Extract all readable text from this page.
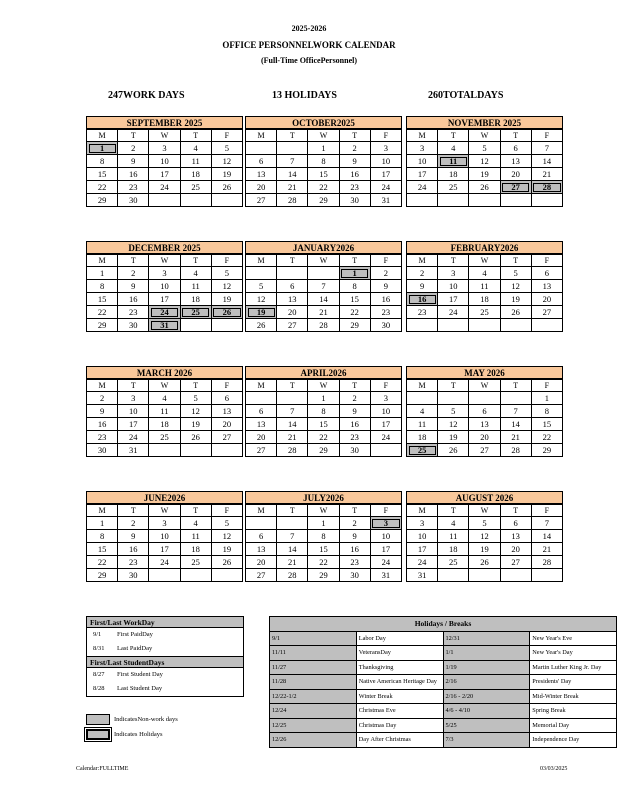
2025-2026
OFFICE PERSONNELWORK CALENDAR
(Full-Time OfficePersonnel)
247WORK DAYS	13 HOLIDAYS	260TOTALDAYS
SEPTEMBER 2025
M	T	W	T	F
1	2	3	4	5
8	9	10	11	12
15	16	17	18	19
22	23	24	25	26
29	30			
OCTOBER2025
M	T	W	T	F
		1	2	3
6	7	8	9	10
13	14	15	16	17
20	21	22	23	24
27	28	29	30	31
NOVEMBER 2025
M	T	W	T	F
3	4	5	6	7
10	11	12	13	14
17	18	19	20	21
24	25	26	27	28

DECEMBER 2025
M	T	W	T	F
1	2	3	4	5
8	9	10	11	12
15	16	17	18	19
22	23	24	25	26
29	30	31		
JANUARY2026
M	T	W	T	F
			1	2
5	6	7	8	9
12	13	14	15	16
19	20	21	22	23
26	27	28	29	30
FEBRUARY2026
M	T	W	T	F
2	3	4	5	6
9	10	11	12	13
16	17	18	19	20
23	24	25	26	27

MARCH 2026
M	T	W	T	F
2	3	4	5	6
9	10	11	12	13
16	17	18	19	20
23	24	25	26	27
30	31			
APRIL2026
M	T	W	T	F
		1	2	3
6	7	8	9	10
13	14	15	16	17
20	21	22	23	24
27	28	29	30	
MAY 2026
M	T	W	T	F
				1
4	5	6	7	8
11	12	13	14	15
18	19	20	21	22
25	26	27	28	29
JUNE2026
M	T	W	T	F
1	2	3	4	5
8	9	10	11	12
15	16	17	18	19
22	23	24	25	26
29	30			
JULY2026
M	T	W	T	F
		1	2	3
6	7	8	9	10
13	14	15	16	17
20	21	22	23	24
27	28	29	30	31
AUGUST 2026
M	T	W	T	F
3	4	5	6	7
10	11	12	13	14
17	18	19	20	21
24	25	26	27	28
31				
First/Last WorkDay
9/1	First PaidDay
8/31	Last PaidDay
First/Last StudentDays
8/27	First Student Day
8/28	Last Student Day
IndicatesNon-work days
Indicates Holidays
Holidays / Breaks			
9/1	Labor Day	12/31	New Year's Eve
11/11	VeteransDay	1/1	New Year's Day
11/27	Thanksgiving	1/19	Martin Luther King Jr. Day
11/28	Native American Heritage Day	2/16	Presidents' Day
12/22-1/2	Winter Break	2/16 - 2/20	Mid-Winter Break
12/24	Christmas Eve	4/6 - 4/10	Spring Break
12/25	Christmas Day	5/25	Memorial Day
12/26	Day After Christmas	7/3	Independence Day
Calendar:FULLTIME	03/03/2025
